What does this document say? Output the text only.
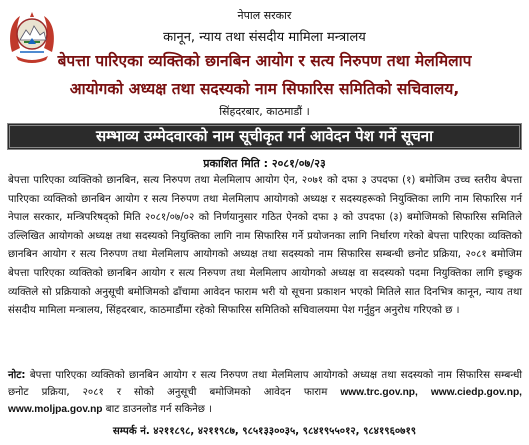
नेपाल सरकार
कानून, न्याय तथा संसदीय मामिला मन्त्रालय
बेपत्ता पारिएका व्यक्तिको छानबिन आयोग र सत्य निरुपण तथा मेलमिलाप
आयोगको अध्यक्ष तथा सदस्यको नाम सिफारिस समितिको सचिवालय,
सिंहदरबार, काठमाडौं ।
सम्भाव्य उम्मेदवारको नाम सूचीकृत गर्न आवेदन पेश गर्ने सूचना
प्रकाशित मिति : २०८१/०७/२३
बेपत्ता पारिएका व्यक्तिको छानबिन, सत्य निरुपण तथा मेलमिलाप आयोग ऐन, २०७१ को दफा ३ उपदफा (१) बमोजिम उच्च स्तरीय बेपत्ता पारिएका व्यक्तिको छानबिन आयोग र सत्य निरुपण तथा मेलमिलाप आयोगको अध्यक्ष र सदस्यहरूको नियुक्तिका लागि नाम सिफारिस गर्न नेपाल सरकार, मन्त्रिपरिषद्को मिति २०८१/०७/०२ को निर्णयानुसार गठित ऐनको दफा ३ को उपदफा (३) बमोजिमको सिफारिस समितिले उल्लिखित आयोगको अध्यक्ष तथा सदस्यको नियुक्तिका लागि नाम सिफारिस गर्ने प्रयोजनका लागि निर्धारण गरेको बेपत्ता पारिएका व्यक्तिको छानबिन आयोग र सत्य निरुपण तथा मेलमिलाप आयोगको अध्यक्ष तथा सदस्यको नाम सिफारिस सम्बन्धी छनोट प्रक्रिया, २०८१ बमोजिम बेपत्ता पारिएका व्यक्तिको छानबिन आयोग र सत्य निरुपण तथा मेलमिलाप आयोगको अध्यक्ष वा सदस्यको पदमा नियुक्तिका लागि इच्छुक व्यक्तिले सो प्रक्रियाको अनुसूची बमोजिमको ढाँचामा आवेदन फाराम भरी यो सूचना प्रकाशन भएको मितिले सात दिनभित्र कानून, न्याय तथा संसदीय मामिला मन्त्रालय, सिंहदरबार, काठमाडौंमा रहेको सिफारिस समितिको सचिवालयमा पेश गर्नुहुन अनुरोध गरिएको छ ।
नोट: बेपत्ता पारिएका व्यक्तिको छानबिन आयोग र सत्य निरुपण तथा मेलमिलाप आयोगको अध्यक्ष तथा सदस्यको नाम सिफारिस सम्बन्धी छनोट प्रक्रिया, २०८१ र सोको अनुसूची बमोजिमको आवेदन फाराम www.trc.gov.np, www.ciedp.gov.np, www.moljpa.gov.np बाट डाउनलोड गर्न सकिनेछ ।
सम्पर्क नं. ४२११८९८, ४२११९८७, ९८५१३३००३५, ९८४१९५५०१२, ९८४१९६०७१९
